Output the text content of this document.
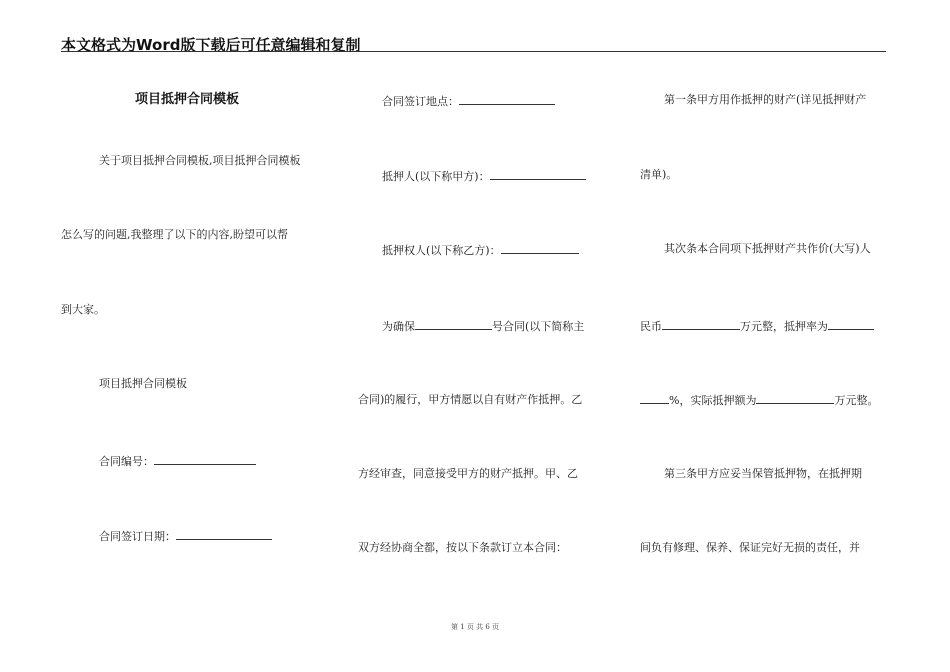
本文格式为Word版下载后可任意编辑和复制
项目抵押合同模板
关于项目抵押合同模板,项目抵押合同模板
怎么写的问题,我整理了以下的内容,盼望可以帮
到大家。
项目抵押合同模板
合同编号：
合同签订日期：
合同签订地点：
抵押人(以下称甲方)：
抵押权人(以下称乙方)：
为确保	号合同(以下简称主
合同)的履行，甲方情愿以自有财产作抵押。乙
方经审查，同意接受甲方的财产抵押。甲、乙
双方经协商全都，按以下条款订立本合同：
第一条甲方用作抵押的财产(详见抵押财产
清单)。
其次条本合同项下抵押财产共作价(大写)人
民币	万元整，抵押率为
%，实际抵押额为	万元整。
第三条甲方应妥当保管抵押物，在抵押期
间负有修理、保养、保证完好无损的责任，并
第 1 页 共 6 页
